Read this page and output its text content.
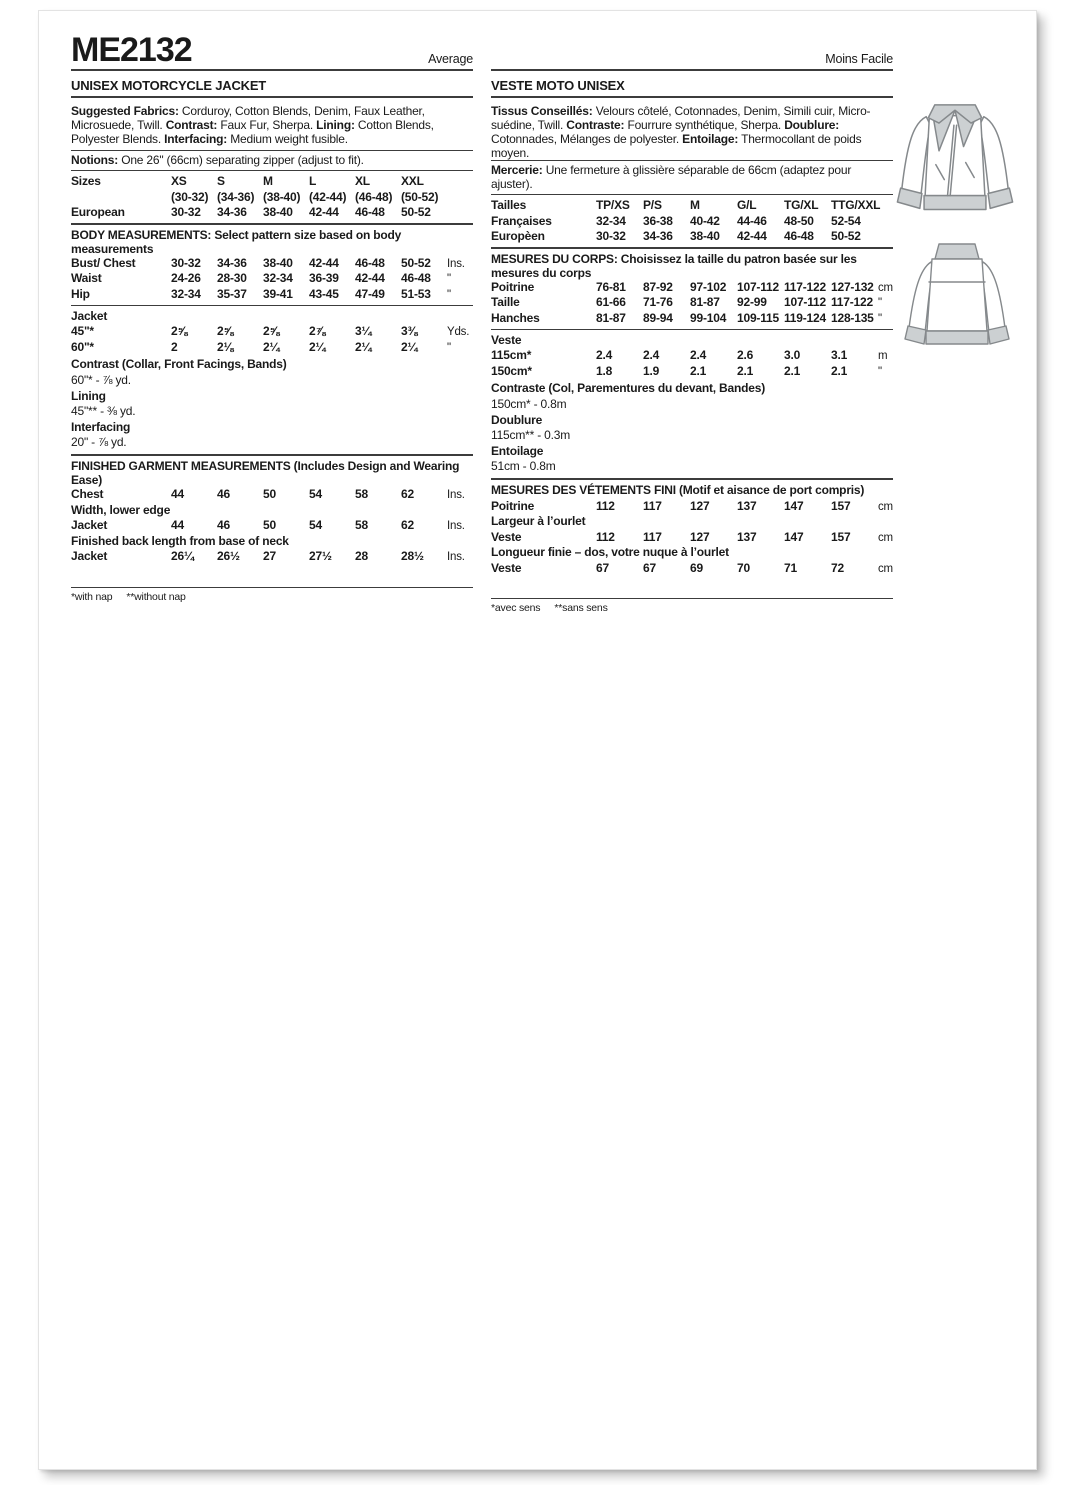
ME2132	Average
UNISEX MOTORCYCLE JACKET

Suggested Fabrics: Corduroy, Cotton Blends, Denim, Faux Leather, Microsuede, Twill. Contrast: Faux Fur, Sherpa. Lining: Cotton Blends, Polyester Blends. Interfacing: Medium weight fusible.

Notions: One 26" (66cm) separating zipper (adjust to fit).
Sizes	XS	S	M	L	XL	XXL
(30-32) (34-36) (38-40) (42-44) (46-48) (50-52)
European	30-32	34-36	38-40	42-44	46-48	50-52
BODY MEASUREMENTS: Select pattern size based on body measurements
Bust/ Chest	30-32	34-36	38-40	42-44	46-48	50-52	Ins.
Waist	24-26	28-30	32-34	36-39	42-44	46-48	"
Hip	32-34	35-37	39-41	43-45	47-49	51-53	"
Jacket
45"*	2⅝	2⅝	2⅝	2⅞	3¼	3⅜	Yds.
60"*	2	2⅛	2¼	2¼	2¼	2¼	"
Contrast (Collar, Front Facings, Bands)
60"* - ⅞ yd.
Lining
45"** - ⅜ yd.
Interfacing
20" - ⅞ yd.
FINISHED GARMENT MEASUREMENTS (Includes Design and Wearing Ease)
Chest	44	46	50	54	58	62	Ins.
Width, lower edge
Jacket	44	46	50	54	58	62	Ins.
Finished back length from base of neck
Jacket	26¼	26½	27	27½	28	28½	Ins.
*with nap **without nap
Moins Facile
VESTE MOTO UNISEX

Tissus Conseillés: Velours côtelé, Cotonnades, Denim, Simili cuir, Micro-suédine, Twill. Contraste: Fourrure synthétique, Sherpa. Doublure: Cotonnades, Mélanges de polyester. Entoilage: Thermocollant de poids moyen.

Mercerie: Une fermeture à glissière séparable de 66cm (adaptez pour ajuster).
Tailles	TP/XS	P/S	M	G/L	TG/XL	TTG/XXL
Françaises	32-34	36-38	40-42	44-46	48-50	52-54
Europèen	30-32	34-36	38-40	42-44	46-48	50-52
MESURES DU CORPS: Choisissez la taille du patron basée sur les mesures du corps
Poitrine	76-81	87-92	97-102 107-112 117-122 127-132 cm
Taille	61-66	71-76	81-87	92-99	107-112 117-122 "
Hanches	81-87	89-94	99-104 109-115 119-124 128-135 "
Veste
115cm*	2.4	2.4	2.4	2.6	3.0	3.1	m
150cm*	1.8	1.9	2.1	2.1	2.1	2.1	"
Contraste (Col, Parementures du devant, Bandes)
150cm* - 0.8m
Doublure
115cm** - 0.3m
Entoilage
51cm - 0.8m
MESURES DES VÉTEMENTS FINI (Motif et aisance de port compris)
Poitrine	112	117	127	137	147	157	cm
Largeur à l’ourlet
Veste	112	117	127	137	147	157	cm
Longueur finie – dos, votre nuque à l’ourlet
Veste	67	67	69	70	71	72	cm
*avec sens **sans sens
